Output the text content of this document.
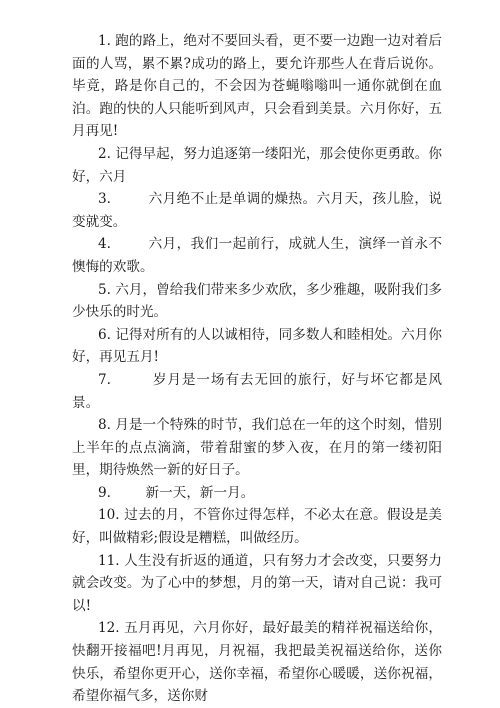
1. 跑的路上，绝对不要回头看，更不要一边跑一边对着后面的人骂，累不累?成功的路上，要允许那些人在背后说你。毕竟，路是你自己的，不会因为苍蝇嗡嗡叫一通你就倒在血泊。跑的快的人只能听到风声，只会看到美景。六月你好，五月再见!

2. 记得早起，努力追逐第一缕阳光，那会使你更勇敢。你好，六月

3.        六月绝不止是单调的燥热。六月天，孩儿脸，说变就变。

4.        六月，我们一起前行，成就人生，演绎一首永不懊悔的欢歌。

5. 六月，曾给我们带来多少欢欣，多少雅趣，吸附我们多少快乐的时光。

6. 记得对所有的人以诚相待，同多数人和睦相处。六月你好，再见五月!

7.        岁月是一场有去无回的旅行，好与坏它都是风景。

8. 月是一个特殊的时节，我们总在一年的这个时刻，惜别上半年的点点滴滴，带着甜蜜的梦入夜，在月的第一缕初阳里，期待焕然一新的好日子。

9.        新一天，新一月。

10. 过去的月，不管你过得怎样，不必太在意。假设是美好，叫做精彩;假设是糟糕，叫做经历。

11. 人生没有折返的通道，只有努力才会改变，只要努力就会改变。为了心中的梦想，月的第一天，请对自己说：我可以!

12. 五月再见，六月你好，最好最美的精祥祝福送给你，快翻开接福吧!月再见，月祝福，我把最美祝福送给你，送你快乐，希望你更开心，送你幸福，希望你心暖暖，送你祝福，希望你福气多，送你财
